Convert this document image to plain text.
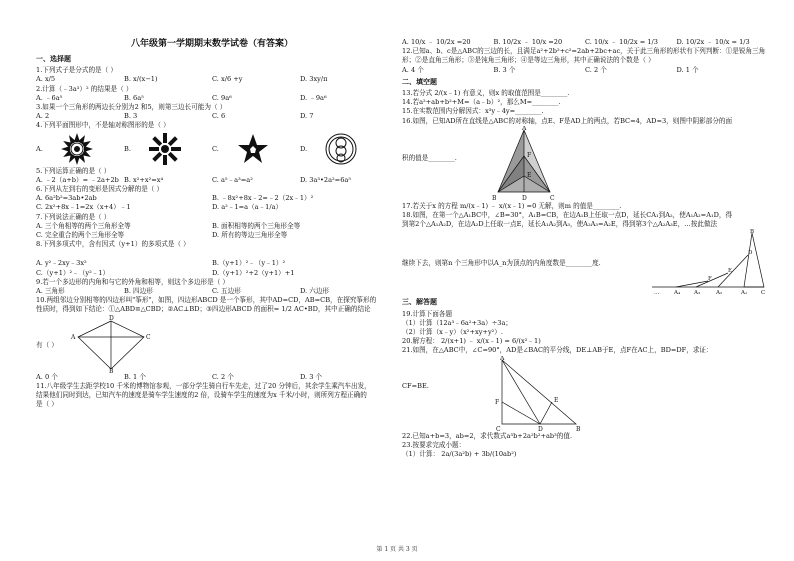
八年级第一学期期末数学试卷（有答案）
一、选择题

1.下列式子是分式的是（ ）

A. x/5	B. x/(x−1)	C. x/6 +y	D. 3xy/π

2.计算（﹣3a³）² 的结果是（ ）

A. ﹣6a⁵	B. 6a⁵	C. 9a⁶	D. ﹣9a⁶

3.如果一个三角形的两边长分别为2 和5，则第三边长可能为（ ）

A. 2	B. 3	C. 6	D. 7

4.下列平面图形中，不是轴对称图形的是（ ）

A.	B.	C.	D.

5.下列运算正确的是（ ）

A. ﹣2（a+b）= ﹣2a+2b B. x²+x²=x⁴	C. a⁵﹣a³=a²	D. 3a³•2a²=6a⁵

6.下列从左到右的变形是因式分解的是（ ）

A. 6a²b²=3ab•2ab	B. ﹣8x²+8x﹣2=﹣2（2x﹣1）²
C. 2x²+8x﹣1=2x（x+4）﹣1	D. a²﹣1=a（a﹣1/a）

7.下列说法正确的是（ ）

A. 三个角相等的两个三角形全等	B. 面积相等的两个三角形全等
C. 完全重合的两个三角形全等	D. 所有的等边三角形全等

8.下列多项式中，含有因式（y+1）的多项式是（ ）

A. y²﹣2xy﹣3x²	B.（y+1）²﹣（y﹣1）²
C.（y+1）²﹣（y²﹣1）	D.（y+1）²+2（y+1）+1

9.若一个多边形的内角和与它的外角和相等，则这个多边形是（ ）

A. 三角形	B. 四边形	C. 五边形	D. 六边形

10.两组邻边分别相等的四边形叫"筝形"，如图，四边形ABCD 是一个筝形，其中AD=CD，AB=CB，在探究筝形的

性质时，得到如下结论：①△ABD≌△CBD；②AC⊥BD；③四边形ABCD 的面积= 1/2 AC•BD，其中正确的结论

D
A	C
B

有（ ）

A. 0 个	B. 1 个	C. 2 个	D. 3 个

11.八年级学生去距学校10 千米的博物馆参观，一部分学生骑自行车先走，过了20 分钟后，其余学生乘汽车出发，

结果他们同时到达，已知汽车的速度是骑车学生速度的2 倍，设骑车学生的速度为x 千米/小时，则所列方程正确的

是（ ）

A. 10/x ﹣ 10/2x =20	B. 10/2x ﹣ 10/x =20	C. 10/x ﹣ 10/2x = 1/3	D. 10/2x ﹣ 10/x = 1/3

12.已知a、b、c是△ABC的三边的长，且满足a²+2b²+c²=2ab+2bc+ac，关于此三角形的形状有下列判断：①是锐角三角

形；②是直角三角形；③是钝角三角形；④是等边三角形，其中正确说法的个数是（ ）

A. 4 个	B. 3 个	C. 2 个	D. 1 个
二、填空题

13.若分式 2/(x﹣1) 有意义，则x 的取值范围是________.

14.若a²+ab+b²+M=（a﹣b）²，那么M=________.

15.在实数范围内分解因式：x³y﹣4y=________.

16.如图，已知AD所在直线是△ABC的对称轴，点E、F是AD上的两点，若BC=4，AD=3，则图中阴影部分的面

A
B	C
D
E
F

积的值是________.

17.若关于x 的方程 m/(x﹣1) ﹣ x/(x﹣1) =0 无解，则m 的值是________.

18.如图，在第一个△A₁BC中，∠B=30°，A₁B=CB，在边A₁B上任取一点D，延长CA₁到A₂，使A₁A₂=A₁D，得

到第2个△A₁A₂D，在边A₂D上任取一点E，延长A₁A₂到A₃，使A₂A₃=A₂E，得到第3个△A₂A₃E，…按此做法

继续下去，则第n 个三角形中以A_n为顶点的内角度数是________度.

B
C
A₁
A₂
A₃
A₄
D
E
F
…
三、解答题

19.计算下面各题

（1）计算（12a³﹣6a²+3a）÷3a；

（2）计算（x﹣y）（x²+xy+y²）.

20.解方程： 2/(x+1) ﹣ x/(x﹣1) = 6/(x²﹣1)

21.如图，在△ABC中，∠C=90°，AD是∠BAC的平分线，DE⊥AB于E，点F在AC上，BD=DF，求证：

CF=BE.

A
B
C	D
E
F

22.已知a+b=3，ab=2，求代数式a³b+2a²b²+ab³的值.

23.按要求完成小题：

（1）计算： 2a/(3a²b) + 3b/(10ab²)

第 1 页 共 3 页
